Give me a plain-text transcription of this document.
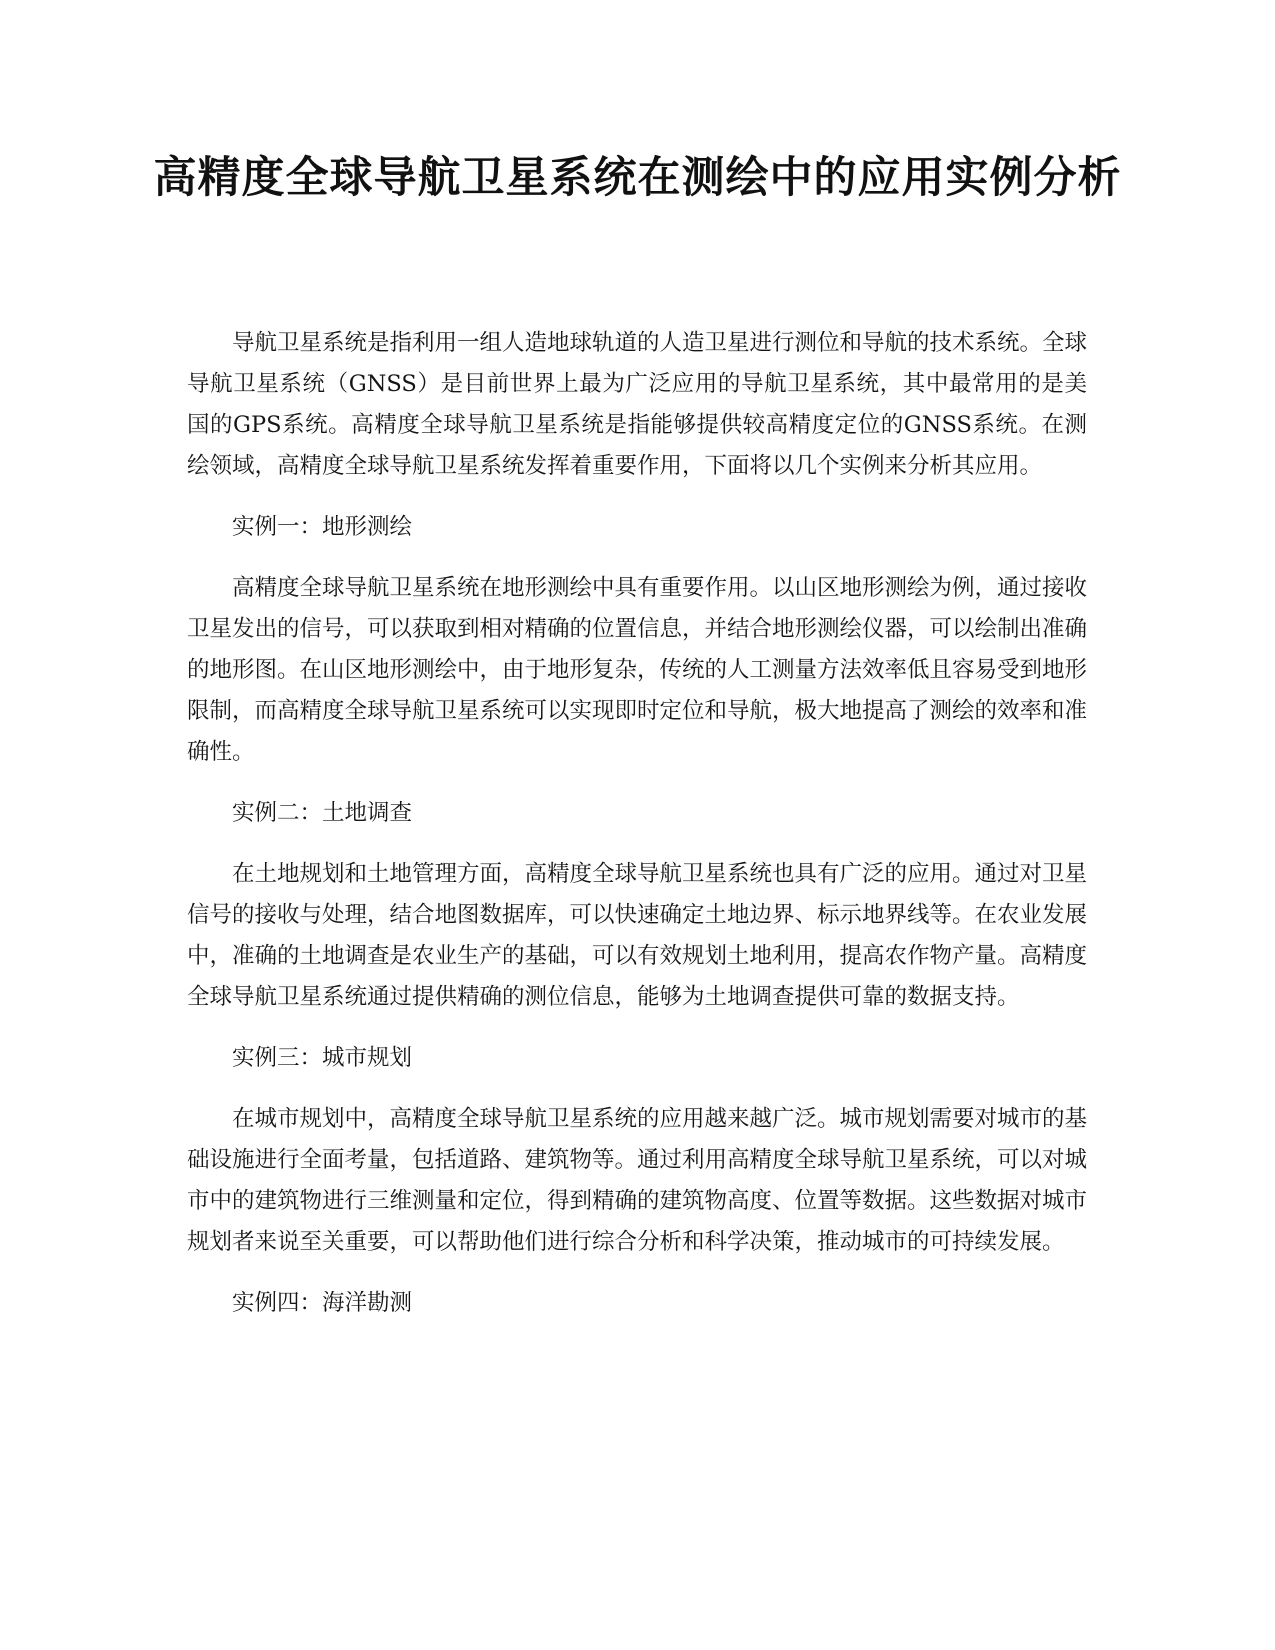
高精度全球导航卫星系统在测绘中的应用实例分析

导航卫星系统是指利用一组人造地球轨道的人造卫星进行测位和导航的技术系统。全球导航卫星系统（GNSS）是目前世界上最为广泛应用的导航卫星系统，其中最常用的是美国的GPS系统。高精度全球导航卫星系统是指能够提供较高精度定位的GNSS系统。在测绘领域，高精度全球导航卫星系统发挥着重要作用，下面将以几个实例来分析其应用。

实例一：地形测绘

高精度全球导航卫星系统在地形测绘中具有重要作用。以山区地形测绘为例，通过接收卫星发出的信号，可以获取到相对精确的位置信息，并结合地形测绘仪器，可以绘制出准确的地形图。在山区地形测绘中，由于地形复杂，传统的人工测量方法效率低且容易受到地形限制，而高精度全球导航卫星系统可以实现即时定位和导航，极大地提高了测绘的效率和准确性。

实例二：土地调查

在土地规划和土地管理方面，高精度全球导航卫星系统也具有广泛的应用。通过对卫星信号的接收与处理，结合地图数据库，可以快速确定土地边界、标示地界线等。在农业发展中，准确的土地调查是农业生产的基础，可以有效规划土地利用，提高农作物产量。高精度全球导航卫星系统通过提供精确的测位信息，能够为土地调查提供可靠的数据支持。

实例三：城市规划

在城市规划中，高精度全球导航卫星系统的应用越来越广泛。城市规划需要对城市的基础设施进行全面考量，包括道路、建筑物等。通过利用高精度全球导航卫星系统，可以对城市中的建筑物进行三维测量和定位，得到精确的建筑物高度、位置等数据。这些数据对城市规划者来说至关重要，可以帮助他们进行综合分析和科学决策，推动城市的可持续发展。

实例四：海洋勘测
